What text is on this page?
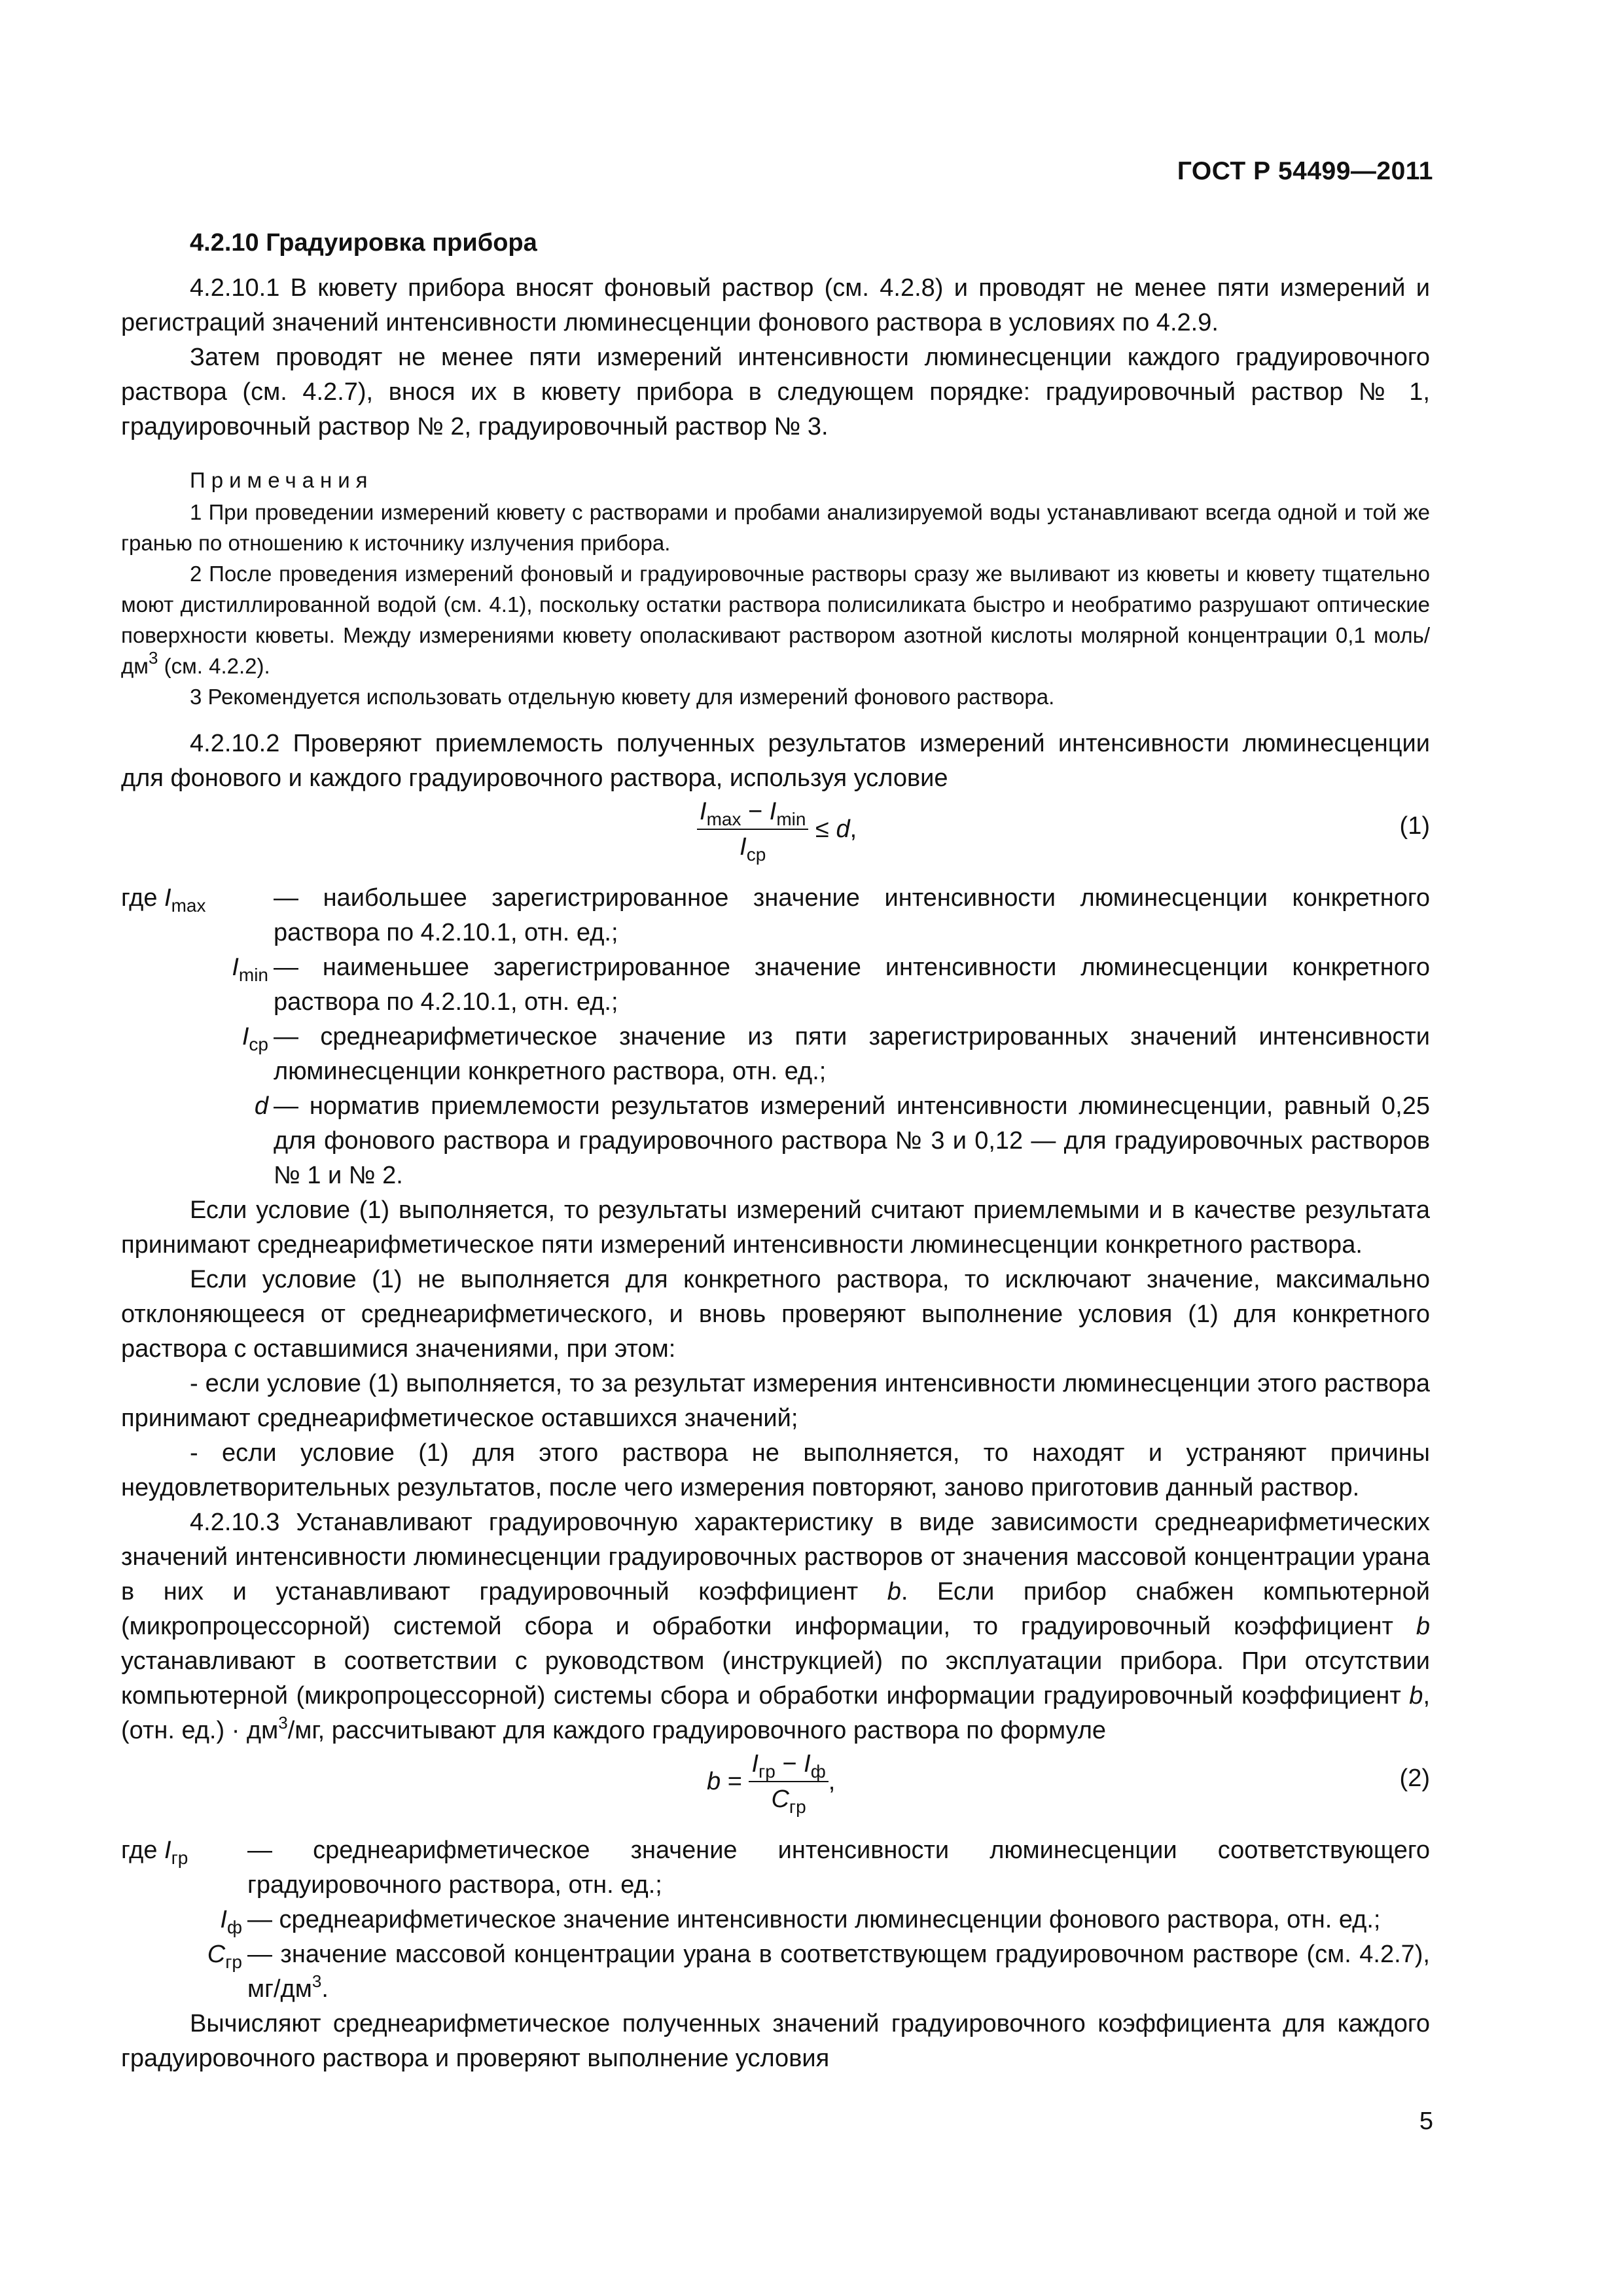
ГОСТ Р 54499—2011

4.2.10 Градуировка прибора

4.2.10.1 В кювету прибора вносят фоновый раствор (см. 4.2.8) и проводят не менее пяти измерений и регистраций значений интенсивности люминесценции фонового раствора в условиях по 4.2.9.

Затем проводят не менее пяти измерений интенсивности люминесценции каждого градуировочного раствора (см. 4.2.7), внося их в кювету прибора в следующем порядке: градуировочный раствор № 1, градуировочный раствор № 2, градуировочный раствор № 3.

Примечания

1 При проведении измерений кювету с растворами и пробами анализируемой воды устанавливают всегда одной и той же гранью по отношению к источнику излучения прибора.

2 После проведения измерений фоновый и градуировочные растворы сразу же выливают из кюветы и кювету тщательно моют дистиллированной водой (см. 4.1), поскольку остатки раствора полисиликата быстро и необратимо разрушают оптические поверхности кюветы. Между измерениями кювету ополаскивают раствором азотной кислоты молярной концентрации 0,1 моль/$дм^3$ (см. 4.2.2).

3 Рекомендуется использовать отдельную кювету для измерений фонового раствора.

4.2.10.2 Проверяют приемлемость полученных результатов измерений интенсивности люминесценции для фонового и каждого градуировочного раствора, используя условие

$\frac{I_{max} - I_{min}}{I_{ср}} \le d$ ,	(1)
где $I_{max}$	— наибольшее зарегистрированное значение интенсивности люминесценции конкретного раствора по 4.2.10.1, отн. ед.;
$I_{min}$ — наименьшее зарегистрированное значение интенсивности люминесценции конкретного раствора по 4.2.10.1, отн. ед.;
$I_{ср}$ — среднеарифметическое значение из пяти зарегистрированных значений интенсивности люминесценции конкретного раствора, отн. ед.;
d — норматив приемлемости результатов измерений интенсивности люминесценции, равный 0,25 для фонового раствора и градуировочного раствора № 3 и 0,12 — для градуировочных растворов № 1 и № 2.

Если условие (1) выполняется, то результаты измерений считают приемлемыми и в качестве результата принимают среднеарифметическое пяти измерений интенсивности люминесценции конкретного раствора.

Если условие (1) не выполняется для конкретного раствора, то исключают значение, максимально отклоняющееся от среднеарифметического, и вновь проверяют выполнение условия (1) для конкретного раствора с оставшимися значениями, при этом:

- если условие (1) выполняется, то за результат измерения интенсивности люминесценции этого раствора принимают среднеарифметическое оставшихся значений;

- если условие (1) для этого раствора не выполняется, то находят и устраняют причины неудовлетворительных результатов, после чего измерения повторяют, заново приготовив данный раствор.

4.2.10.3 Устанавливают градуировочную характеристику в виде зависимости среднеарифметических значений интенсивности люминесценции градуировочных растворов от значения массовой концентрации урана в них и устанавливают градуировочный коэффициент b. Если прибор снабжен компьютерной (микропроцессорной) системой сбора и обработки информации, то градуировочный коэффициент b устанавливают в соответствии с руководством (инструкцией) по эксплуатации прибора. При отсутствии компьютерной (микропроцессорной) системы сбора и обработки информации градуировочный коэффициент b, (отн. $ед.) \cdot дм^3/мг$, рассчитывают для каждого градуировочного раствора по формуле

$b = \frac{I_{гр} - I_ф}{C_{гр}}$ ,	(2)
где $I_{гр}$	— среднеарифметическое значение интенсивности люминесценции соответствующего градуировочного раствора, отн. ед.;
$I_ф$ — среднеарифметическое значение интенсивности люминесценции фонового раствора, отн. ед.;
$C_{гр}$ — значение массовой концентрации урана в соответствующем градуировочном растворе (см. 4.2.7), $мг/дм^3$.

Вычисляют среднеарифметическое полученных значений градуировочного коэффициента для каждого градуировочного раствора и проверяют выполнение условия

5
